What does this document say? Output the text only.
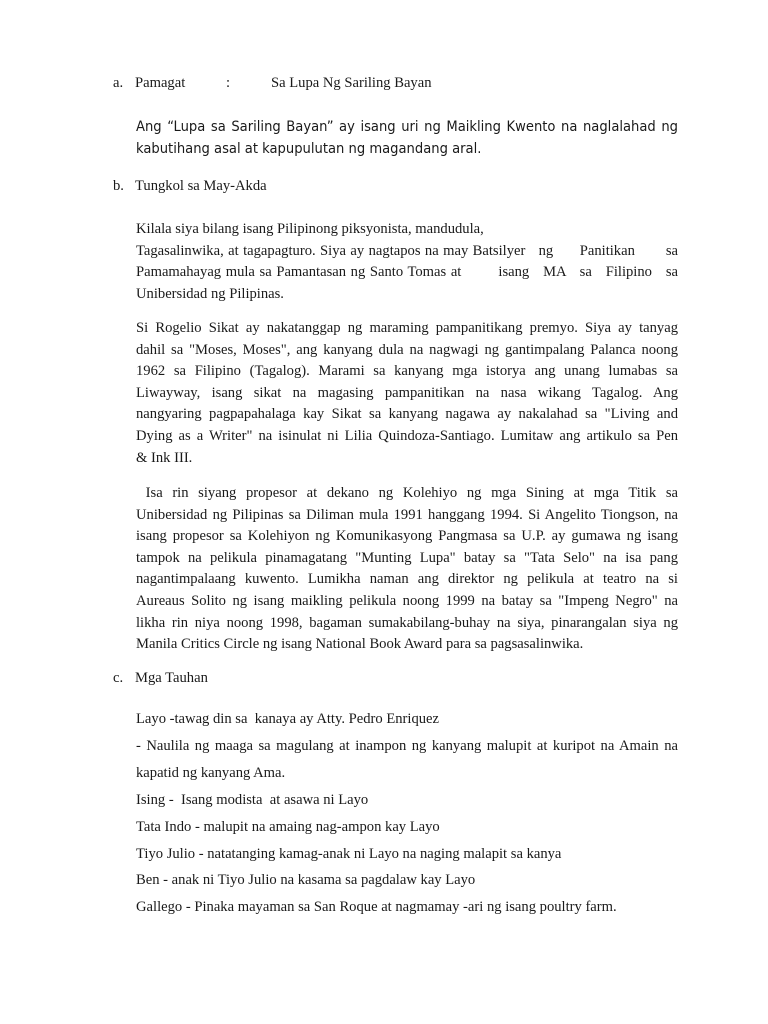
a. Pamagat	:	Sa Lupa Ng Sariling Bayan
Ang “Lupa sa Sariling Bayan” ay isang uri ng Maikling Kwento na naglalahad ng
kabutihang asal at kapupulutan ng magandang aral.
b. Tungkol sa May-Akda
Kilala siya bilang isang Pilipinong piksyonista, mandudula,
Tagasalinwika, at tagapagturo. Siya ay nagtapos na may Batsilyer   ng      Panitikan       sa
Pamamahayag mula sa Pamantasan ng Santo Tomas at        isang   MA   sa   Filipino   sa
Unibersidad ng Pilipinas.
Si Rogelio Sikat ay nakatanggap ng maraming pampanitikang premyo. Siya ay tanyag
dahil sa "Moses, Moses", ang kanyang dula na nagwagi ng gantimpalang Palanca noong
1962 sa Filipino (Tagalog). Marami sa kanyang mga istorya ang unang lumabas sa
Liwayway, isang sikat na magasing pampanitikan na nasa wikang Tagalog. Ang
nangyaring pagpapahalaga kay Sikat sa kanyang nagawa ay nakalahad sa "Living and
Dying as a Writer" na isinulat ni Lilia Quindoza-Santiago. Lumitaw ang artikulo sa Pen
& Ink III.
Isa rin siyang propesor at dekano ng Kolehiyo ng mga Sining at mga Titik sa
Unibersidad ng Pilipinas sa Diliman mula 1991 hanggang 1994. Si Angelito Tiongson, na
isang propesor sa Kolehiyon ng Komunikasyong Pangmasa sa U.P. ay gumawa ng isang
tampok na pelikula pinamagatang "Munting Lupa" batay sa "Tata Selo" na isa pang
nagantimpalaang kuwento. Lumikha naman ang direktor ng pelikula at teatro na si
Aureaus Solito ng isang maikling pelikula noong 1999 na batay sa "Impeng Negro" na
likha rin niya noong 1998, bagaman sumakabilang-buhay na siya, pinarangalan siya ng
Manila Critics Circle ng isang National Book Award para sa pagsasalinwika.
c. Mga Tauhan
Layo -tawag din sa  kanaya ay Atty. Pedro Enriquez
- Naulila ng maaga sa magulang at inampon ng kanyang malupit at kuripot na Amain na
kapatid ng kanyang Ama.
Ising -  Isang modista  at asawa ni Layo
Tata Indo - malupit na amaing nag-ampon kay Layo
Tiyo Julio - natatanging kamag-anak ni Layo na naging malapit sa kanya
Ben - anak ni Tiyo Julio na kasama sa pagdalaw kay Layo
Gallego - Pinaka mayaman sa San Roque at nagmamay -ari ng isang poultry farm.
